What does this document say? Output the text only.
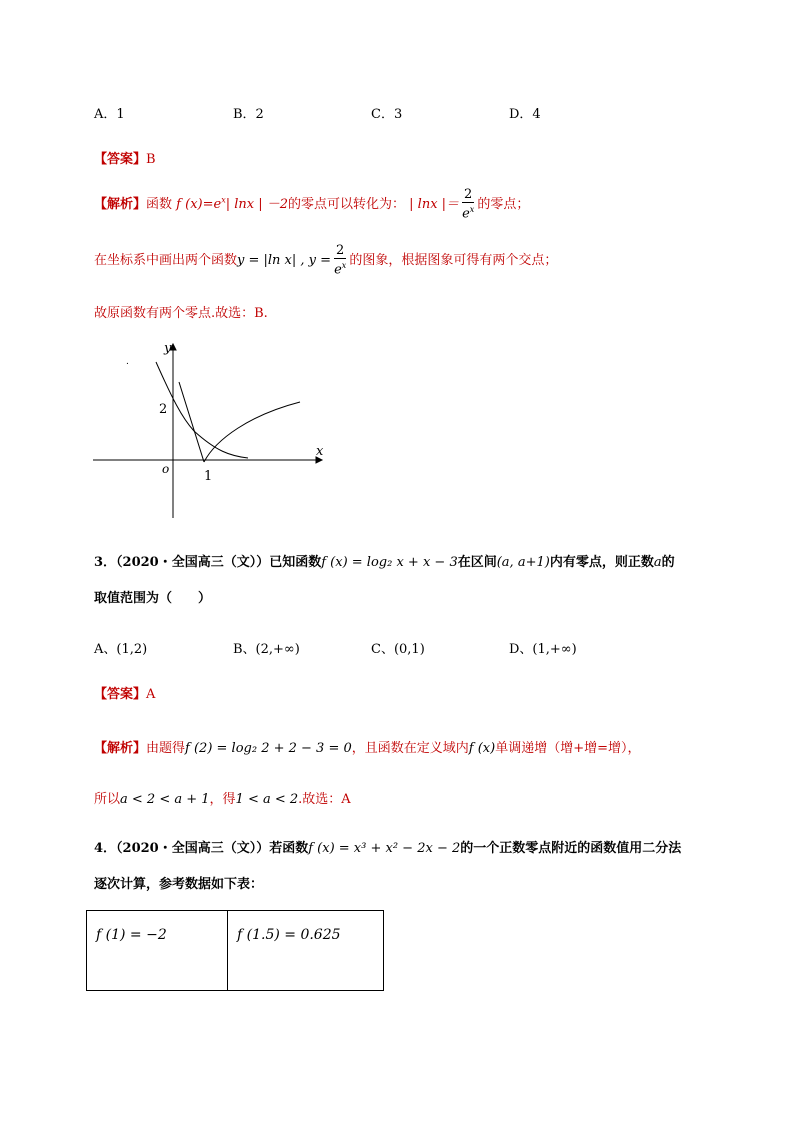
A．1	B．2	C．3	D．4
【答案】B
【解析】函数 f $(x)=e^x|$ lnx | －2的零点可以转化为： | lnx |＝ $\frac{2}{e^x}$ 的零点；
在坐标系中画出两个函数y = |ln x| , $y = \frac{2}{e^x}$ 的图象，根据图象可得有两个交点；
故原函数有两个零点.故选：B.
.
y
x
o
2
1
3．（2020・全国高三（文））已知函数f (x) = log₂ x + x − 3在区间(a, a+1)内有零点，则正数a的
取值范围为（　　）
A、(1,2)	B、(2,+∞)	C、(0,1)	D、(1,+∞)
【答案】A
【解析】由题得f (2) = log₂ 2 + 2 − 3 = 0，且函数在定义域内f (x)单调递增（增+增=增），
所以a < 2 < a + 1，得1 < a < 2.故选：A
4．（2020・全国高三（文））若函数f (x) = x³ + x² − 2x − 2的一个正数零点附近的函数值用二分法
逐次计算，参考数据如下表：
f (1) = −2	f (1.5) = 0.625
